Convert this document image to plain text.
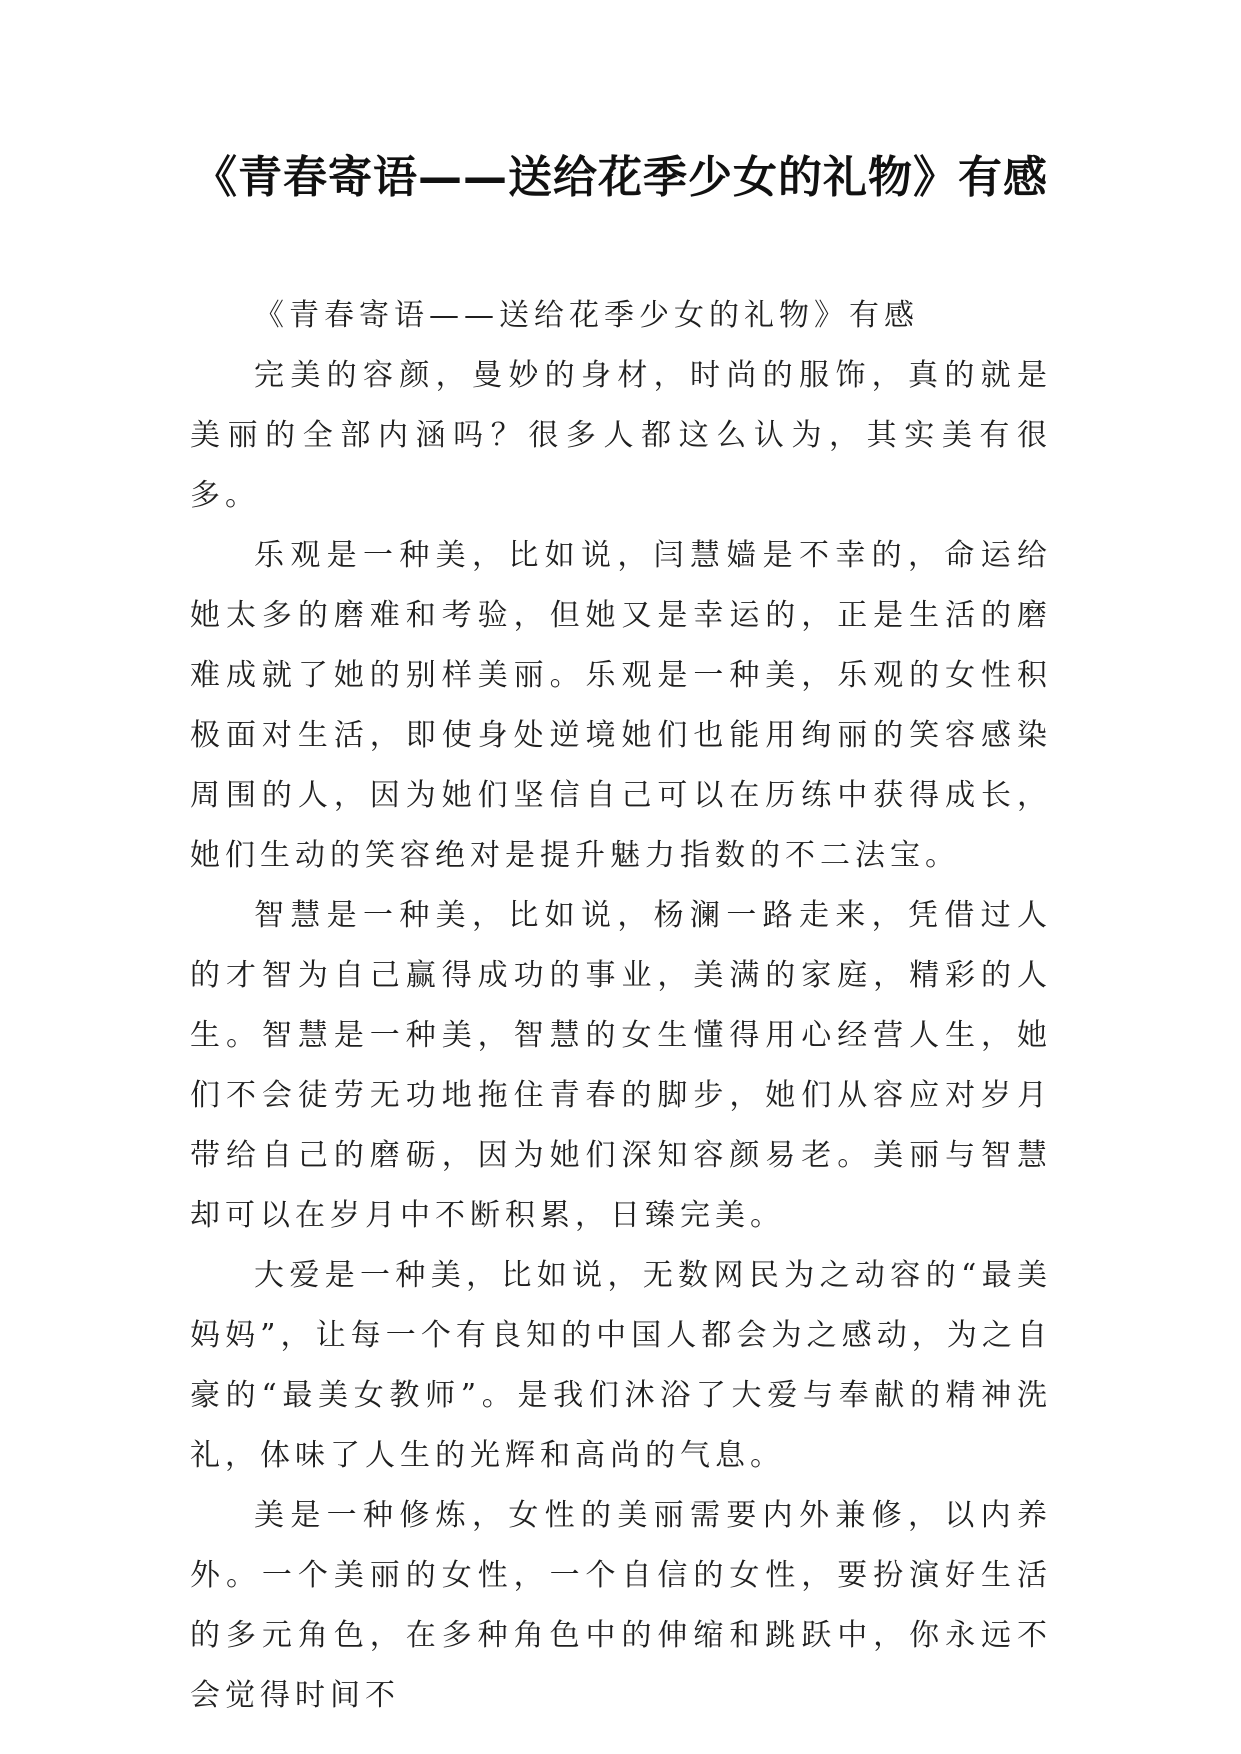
《青春寄语——送给花季少女的礼物》有感

《青春寄语——送给花季少女的礼物》有感

完美的容颜，曼妙的身材，时尚的服饰，真的就是美丽的全部内涵吗？很多人都这么认为，其实美有很多。

乐观是一种美，比如说，闫慧嫱是不幸的，命运给她太多的磨难和考验，但她又是幸运的，正是生活的磨难成就了她的别样美丽。乐观是一种美，乐观的女性积极面对生活，即使身处逆境她们也能用绚丽的笑容感染周围的人，因为她们坚信自己可以在历练中获得成长，她们生动的笑容绝对是提升魅力指数的不二法宝。

智慧是一种美，比如说，杨澜一路走来，凭借过人的才智为自己赢得成功的事业，美满的家庭，精彩的人生。智慧是一种美，智慧的女生懂得用心经营人生，她们不会徒劳无功地拖住青春的脚步，她们从容应对岁月带给自己的磨砺，因为她们深知容颜易老。美丽与智慧却可以在岁月中不断积累，日臻完美。

大爱是一种美，比如说，无数网民为之动容的“最美妈妈”，让每一个有良知的中国人都会为之感动，为之自豪的“最美女教师”。是我们沐浴了大爱与奉献的精神洗礼，体味了人生的光辉和高尚的气息。

美是一种修炼，女性的美丽需要内外兼修，以内养外。一个美丽的女性，一个自信的女性，要扮演好生活的多元角色，在多种角色中的伸缩和跳跃中，你永远不会觉得时间不
